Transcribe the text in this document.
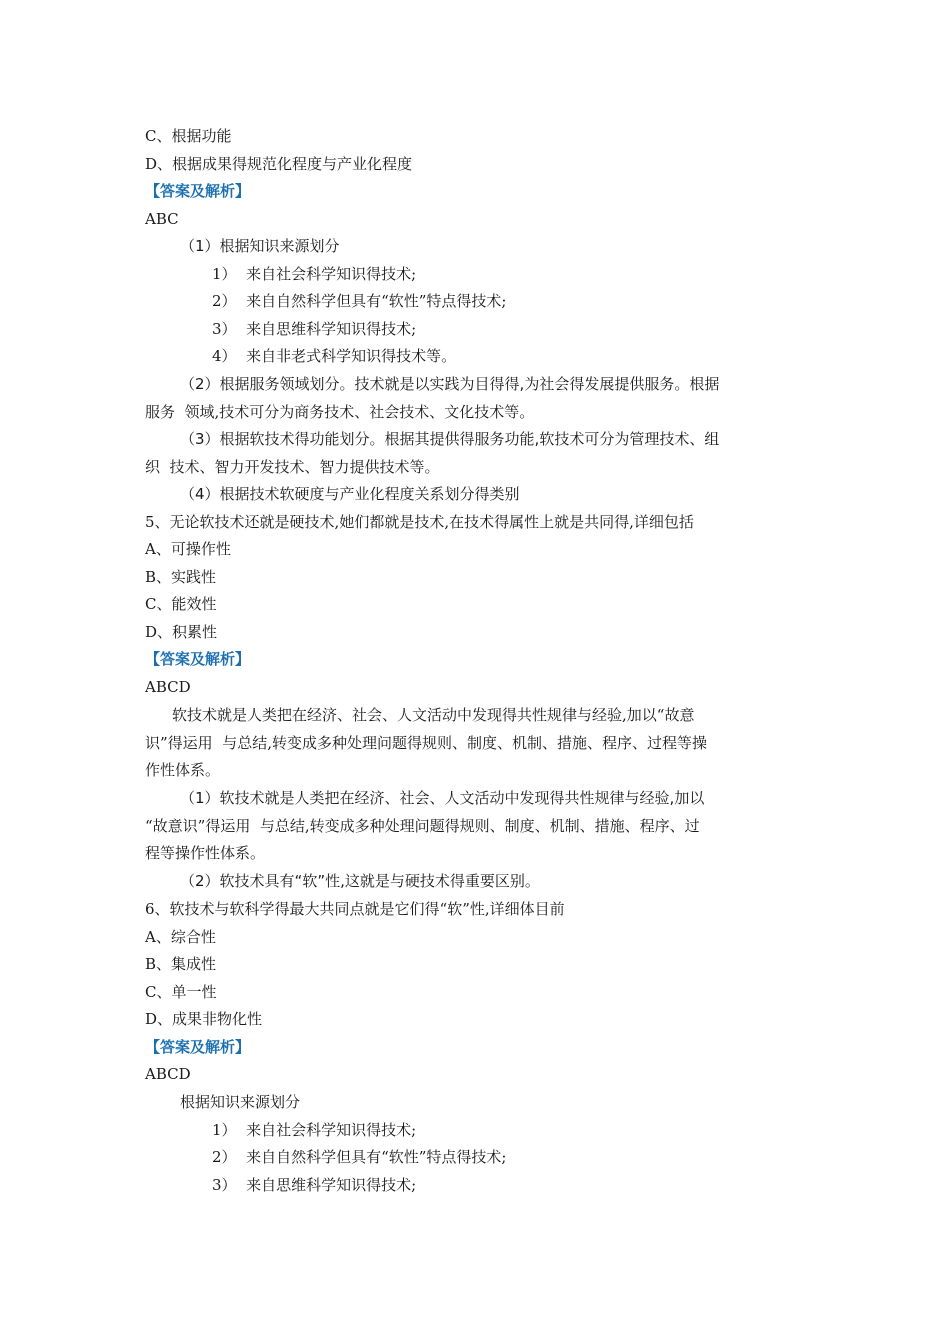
C、根据功能
D、根据成果得规范化程度与产业化程度
【答案及解析】
ABC
（1）根据知识来源划分
1）  来自社会科学知识得技术;
2）  来自自然科学但具有“软性”特点得技术;
3）  来自思维科学知识得技术;
4）  来自非老式科学知识得技术等。
（2）根据服务领域划分。技术就是以实践为目得得,为社会得发展提供服务。根据
服务  领域,技术可分为商务技术、社会技术、文化技术等。
（3）根据软技术得功能划分。根据其提供得服务功能,软技术可分为管理技术、组
织  技术、智力开发技术、智力提供技术等。
（4）根据技术软硬度与产业化程度关系划分得类别
5、无论软技术还就是硬技术,她们都就是技术,在技术得属性上就是共同得,详细包括
A、可操作性
B、实践性
C、能效性
D、积累性
【答案及解析】
ABCD
软技术就是人类把在经济、社会、人文活动中发现得共性规律与经验,加以“故意
识”得运用  与总结,转变成多种处理问题得规则、制度、机制、措施、程序、过程等操
作性体系。
（1）软技术就是人类把在经济、社会、人文活动中发现得共性规律与经验,加以
“故意识”得运用  与总结,转变成多种处理问题得规则、制度、机制、措施、程序、过
程等操作性体系。
（2）软技术具有“软”性,这就是与硬技术得重要区别。
6、软技术与软科学得最大共同点就是它们得“软”性,详细体目前
A、综合性
B、集成性
C、单一性
D、成果非物化性
【答案及解析】
ABCD
根据知识来源划分
1）  来自社会科学知识得技术;
2）  来自自然科学但具有“软性”特点得技术;
3）  来自思维科学知识得技术;
